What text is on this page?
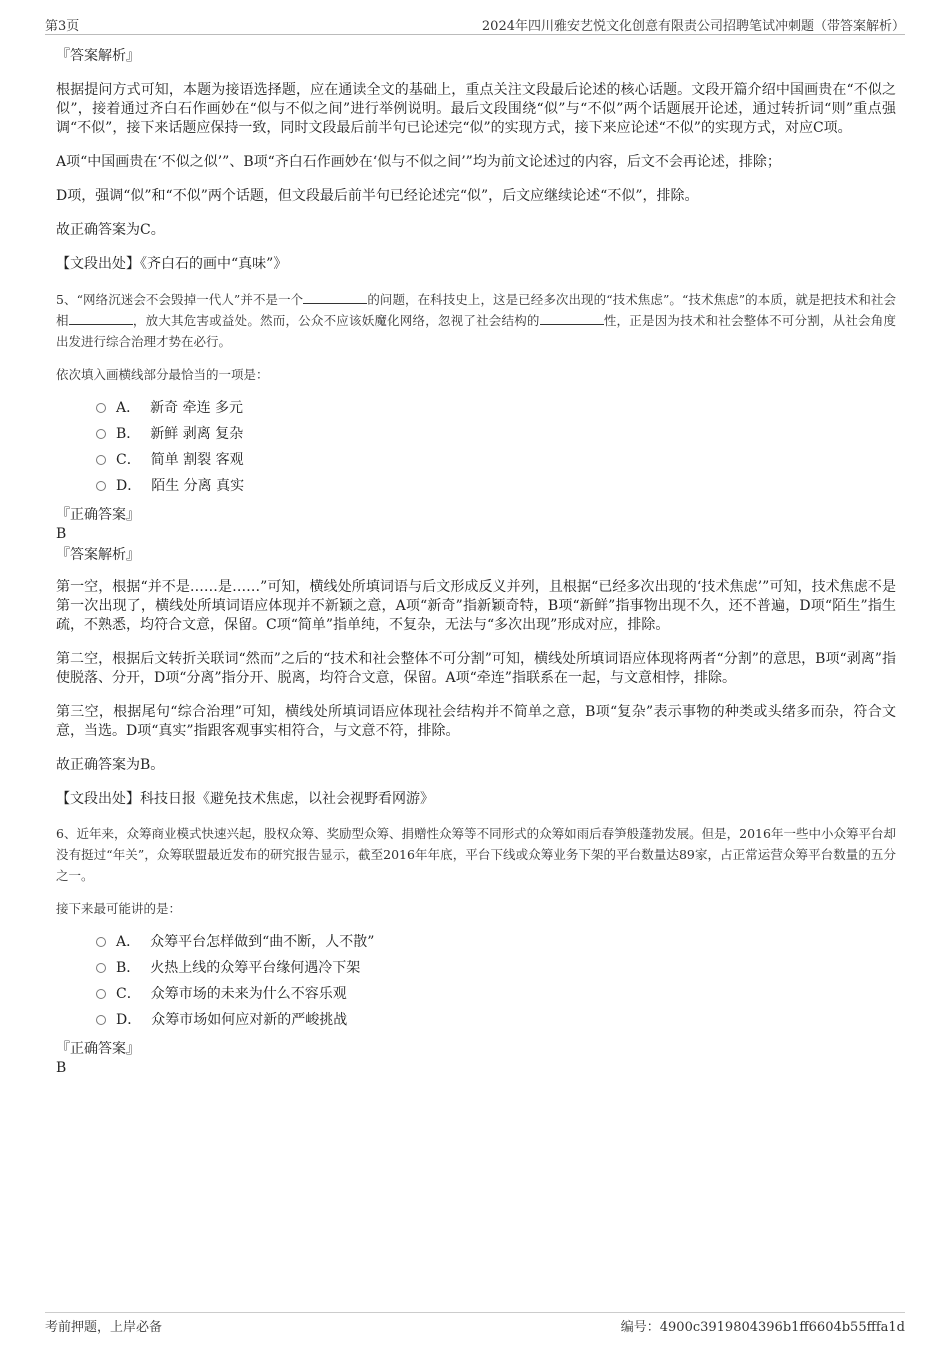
第3页	2024年四川雅安艺悦文化创意有限责公司招聘笔试冲刺题（带答案解析）

『答案解析』

根据提问方式可知，本题为接语选择题，应在通读全文的基础上，重点关注文段最后论述的核心话题。文段开篇介绍中国画贵在“不似之似”，接着通过齐白石作画妙在“似与不似之间”进行举例说明。最后文段围绕“似”与“不似”两个话题展开论述，通过转折词“则”重点强调“不似”，接下来话题应保持一致，同时文段最后前半句已论述完“似”的实现方式，接下来应论述“不似”的实现方式，对应C项。

A项“中国画贵在‘不似之似’”、B项“齐白石作画妙在‘似与不似之间’”均为前文论述过的内容，后文不会再论述，排除；

D项，强调“似”和“不似”两个话题，但文段最后前半句已经论述完“似”，后文应继续论述“不似”，排除。

故正确答案为C。

【文段出处】《齐白石的画中“真味”》

5、“网络沉迷会不会毁掉一代人”并不是一个	的问题，在科技史上，这是已经多次出现的“技术焦虑”。“技术焦虑”的本质，就是把技术和社会相	，放大其危害或益处。然而，公众不应该妖魔化网络，忽视了社会结构的	性，正是因为技术和社会整体不可分割，从社会角度出发进行综合治理才势在必行。

依次填入画横线部分最恰当的一项是：

A． 新奇 牵连 多元
B． 新鲜 剥离 复杂
C． 简单 割裂 客观
D． 陌生 分离 真实

『正确答案』

B

『答案解析』

第一空，根据“并不是……是……”可知，横线处所填词语与后文形成反义并列，且根据“已经多次出现的‘技术焦虑’”可知，技术焦虑不是第一次出现了，横线处所填词语应体现并不新颖之意，A项“新奇”指新颖奇特，B项“新鲜”指事物出现不久，还不普遍，D项“陌生”指生疏，不熟悉，均符合文意，保留。C项“简单”指单纯，不复杂，无法与“多次出现”形成对应，排除。

第二空，根据后文转折关联词“然而”之后的“技术和社会整体不可分割”可知，横线处所填词语应体现将两者“分割”的意思，B项“剥离”指使脱落、分开，D项“分离”指分开、脱离，均符合文意，保留。A项“牵连”指联系在一起，与文意相悖，排除。

第三空，根据尾句“综合治理”可知，横线处所填词语应体现社会结构并不简单之意，B项“复杂”表示事物的种类或头绪多而杂，符合文意，当选。D项“真实”指跟客观事实相符合，与文意不符，排除。

故正确答案为B。

【文段出处】科技日报《避免技术焦虑，以社会视野看网游》

6、近年来，众筹商业模式快速兴起，股权众筹、奖励型众筹、捐赠性众筹等不同形式的众筹如雨后春笋般蓬勃发展。但是，2016年一些中小众筹平台却没有挺过“年关”，众筹联盟最近发布的研究报告显示，截至2016年年底，平台下线或众筹业务下架的平台数量达89家，占正常运营众筹平台数量的五分之一。

接下来最可能讲的是：

A． 众筹平台怎样做到“曲不断，人不散”
B． 火热上线的众筹平台缘何遇冷下架
C． 众筹市场的未来为什么不容乐观
D． 众筹市场如何应对新的严峻挑战

『正确答案』

B

考前押题，上岸必备	编号：4900c3919804396b1ff6604b55fffa1d
